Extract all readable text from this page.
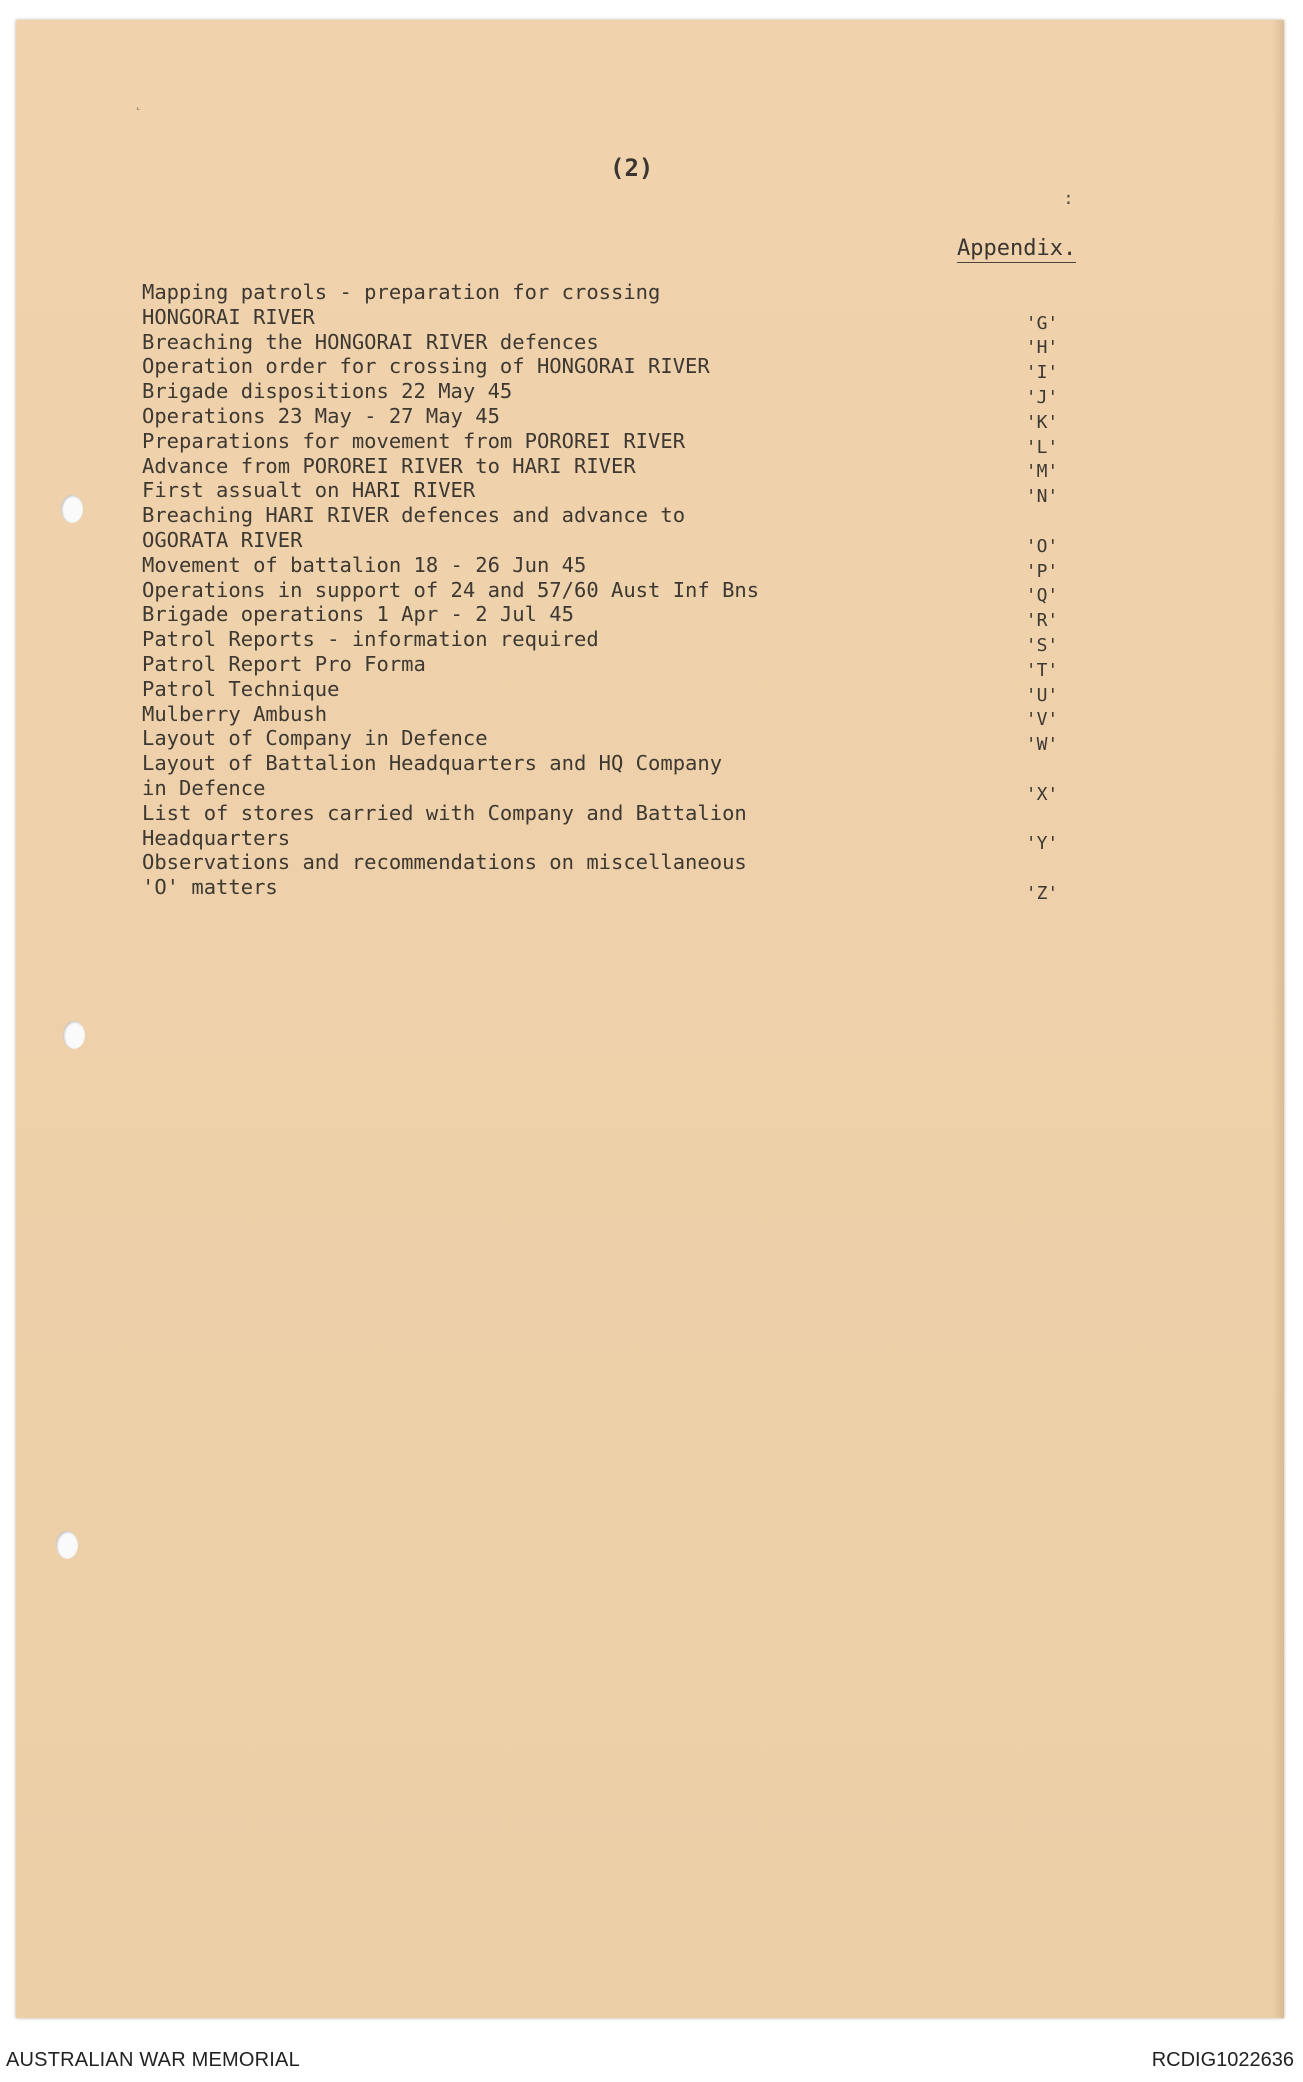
˛
(2)
:
Appendix.
Mapping patrols - preparation for crossing
HONGORAI RIVER	'G'
Breaching the HONGORAI RIVER defences	'H'
Operation order for crossing of HONGORAI RIVER	'I'
Brigade dispositions 22 May 45	'J'
Operations 23 May - 27 May 45	'K'
Preparations for movement from POROREI RIVER	'L'
Advance from POROREI RIVER to HARI RIVER	'M'
First assualt on HARI RIVER	'N'
Breaching HARI RIVER defences and advance to
OGORATA RIVER	'O'
Movement of battalion 18 - 26 Jun 45	'P'
Operations in support of 24 and 57/60 Aust Inf Bns	'Q'
Brigade operations 1 Apr - 2 Jul 45	'R'
Patrol Reports - information required	'S'
Patrol Report Pro Forma	'T'
Patrol Technique	'U'
Mulberry Ambush	'V'
Layout of Company in Defence	'W'
Layout of Battalion Headquarters and HQ Company
in Defence	'X'
List of stores carried with Company and Battalion
Headquarters	'Y'
Observations and recommendations on miscellaneous
'O' matters	'Z'
AUSTRALIAN WAR MEMORIAL	RCDIG1022636
